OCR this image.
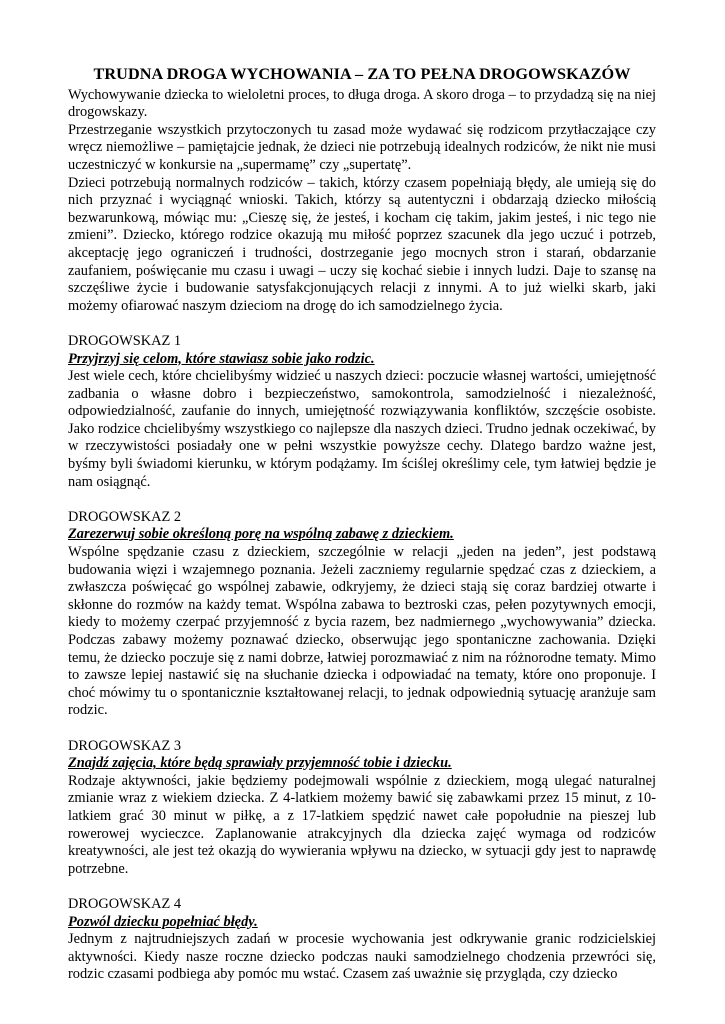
TRUDNA DROGA WYCHOWANIA – ZA TO PEŁNA DROGOWSKAZÓW

Wychowywanie dziecka to wieloletni proces, to długa droga. A skoro droga – to przydadzą się na niej drogowskazy.

Przestrzeganie wszystkich przytoczonych tu zasad może wydawać się rodzicom przytłaczające czy wręcz niemożliwe – pamiętajcie jednak, że dzieci nie potrzebują idealnych rodziców, że nikt nie musi uczestniczyć w konkursie na „supermamę” czy „supertatę”.

Dzieci potrzebują normalnych rodziców – takich, którzy czasem popełniają błędy, ale umieją się do nich przyznać i wyciągnąć wnioski. Takich, którzy są autentyczni i obdarzają dziecko miłością bezwarunkową, mówiąc mu: „Cieszę się, że jesteś, i kocham cię takim, jakim jesteś, i nic tego nie zmieni”. Dziecko, którego rodzice okazują mu miłość poprzez szacunek dla jego uczuć i potrzeb, akceptację jego ograniczeń i trudności, dostrzeganie jego mocnych stron i starań, obdarzanie zaufaniem, poświęcanie mu czasu i uwagi – uczy się kochać siebie i innych ludzi. Daje to szansę na szczęśliwe życie i budowanie satysfakcjonujących relacji z innymi. A to już wielki skarb, jaki możemy ofiarować naszym dzieciom na drogę do ich samodzielnego życia.

DROGOWSKAZ 1
Przyjrzyj się celom, które stawiasz sobie jako rodzic.

Jest wiele cech, które chcielibyśmy widzieć u naszych dzieci: poczucie własnej wartości, umiejętność zadbania o własne dobro i bezpieczeństwo, samokontrola, samodzielność i niezależność, odpowiedzialność, zaufanie do innych, umiejętność rozwiązywania konfliktów, szczęście osobiste. Jako rodzice chcielibyśmy wszystkiego co najlepsze dla naszych dzieci. Trudno jednak oczekiwać, by w rzeczywistości posiadały one w pełni wszystkie powyższe cechy. Dlatego bardzo ważne jest, byśmy byli świadomi kierunku, w którym podążamy. Im ściślej określimy cele, tym łatwiej będzie je nam osiągnąć.

DROGOWSKAZ 2
Zarezerwuj sobie określoną porę na wspólną zabawę z dzieckiem.

Wspólne spędzanie czasu z dzieckiem, szczególnie w relacji „jeden na jeden”, jest podstawą budowania więzi i wzajemnego poznania. Jeżeli zaczniemy regularnie spędzać czas z dzieckiem, a zwłaszcza poświęcać go wspólnej zabawie, odkryjemy, że dzieci stają się coraz bardziej otwarte i skłonne do rozmów na każdy temat. Wspólna zabawa to beztroski czas, pełen pozytywnych emocji, kiedy to możemy czerpać przyjemność z bycia razem, bez nadmiernego „wychowywania” dziecka. Podczas zabawy możemy poznawać dziecko, obserwując jego spontaniczne zachowania. Dzięki temu, że dziecko poczuje się z nami dobrze, łatwiej porozmawiać z nim na różnorodne tematy. Mimo to zawsze lepiej nastawić się na słuchanie dziecka i odpowiadać na tematy, które ono proponuje. I choć mówimy tu o spontanicznie kształtowanej relacji, to jednak odpowiednią sytuację aranżuje sam rodzic.

DROGOWSKAZ 3
Znajdź zajęcia, które będą sprawiały przyjemność tobie i dziecku.

Rodzaje aktywności, jakie będziemy podejmowali wspólnie z dzieckiem, mogą ulegać naturalnej zmianie wraz z wiekiem dziecka. Z 4-latkiem możemy bawić się zabawkami przez 15 minut, z 10-latkiem grać 30 minut w piłkę, a z 17-latkiem spędzić nawet całe popołudnie na pieszej lub rowerowej wycieczce. Zaplanowanie atrakcyjnych dla dziecka zajęć wymaga od rodziców kreatywności, ale jest też okazją do wywierania wpływu na dziecko, w sytuacji gdy jest to naprawdę potrzebne.

DROGOWSKAZ 4
Pozwól dziecku popełniać błędy.

Jednym z najtrudniejszych zadań w procesie wychowania jest odkrywanie granic rodzicielskiej aktywności. Kiedy nasze roczne dziecko podczas nauki samodzielnego chodzenia przewróci się, rodzic czasami podbiega aby pomóc mu wstać. Czasem zaś uważnie się przygląda, czy dziecko
